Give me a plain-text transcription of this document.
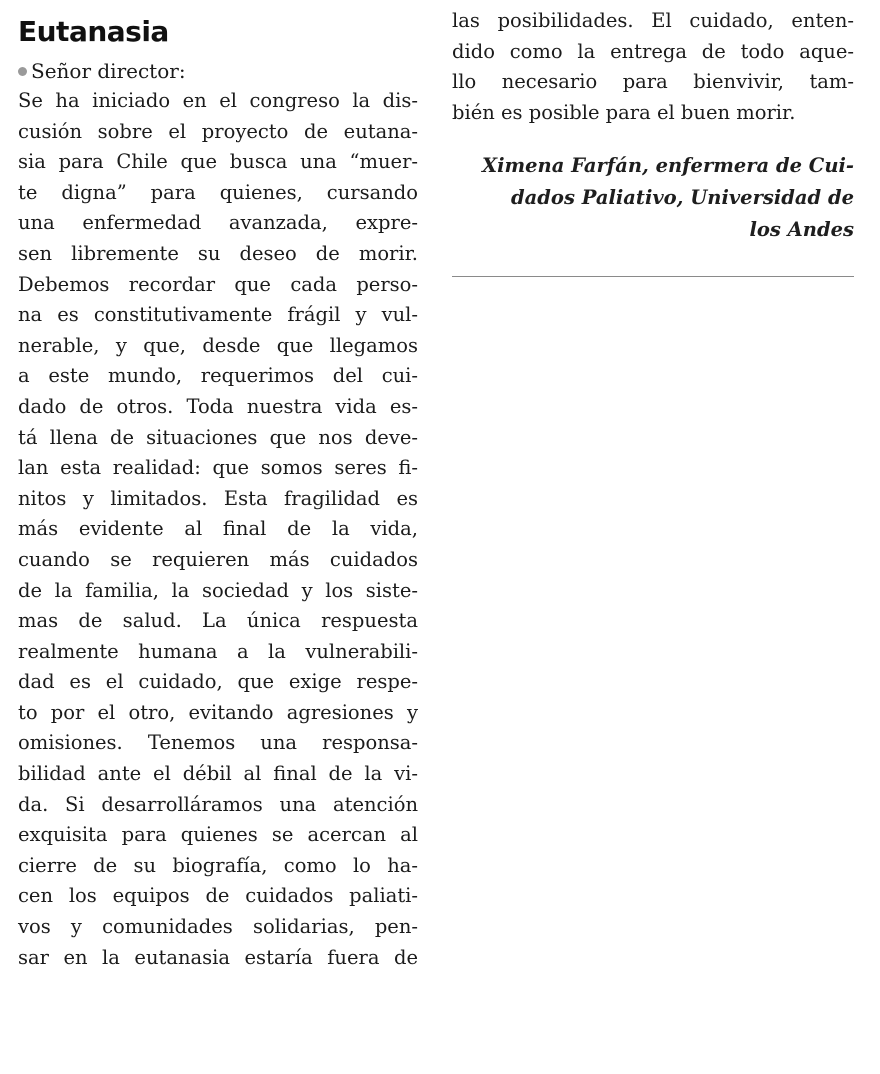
Eutanasia
Señor director:
Se ha iniciado en el congreso la dis-
cusión sobre el proyecto de eutana-
sia para Chile que busca una “muer-
te digna” para quienes, cursando
una enfermedad avanzada, expre-
sen libremente su deseo de morir.
Debemos recordar que cada perso-
na es constitutivamente frágil y vul-
nerable, y que, desde que llegamos
a este mundo, requerimos del cui-
dado de otros. Toda nuestra vida es-
tá llena de situaciones que nos deve-
lan esta realidad: que somos seres fi-
nitos y limitados. Esta fragilidad es
más evidente al final de la vida,
cuando se requieren más cuidados
de la familia, la sociedad y los siste-
mas de salud. La única respuesta
realmente humana a la vulnerabili-
dad es el cuidado, que exige respe-
to por el otro, evitando agresiones y
omisiones. Tenemos una responsa-
bilidad ante el débil al final de la vi-
da. Si desarrolláramos una atención
exquisita para quienes se acercan al
cierre de su biografía, como lo ha-
cen los equipos de cuidados paliati-
vos y comunidades solidarias, pen-
sar en la eutanasia estaría fuera de
las posibilidades. El cuidado, enten-
dido como la entrega de todo aque-
llo necesario para bienvivir, tam-
bién es posible para el buen morir.
Ximena Farfán, enfermera de Cui-
dados Paliativo, Universidad de
los Andes
